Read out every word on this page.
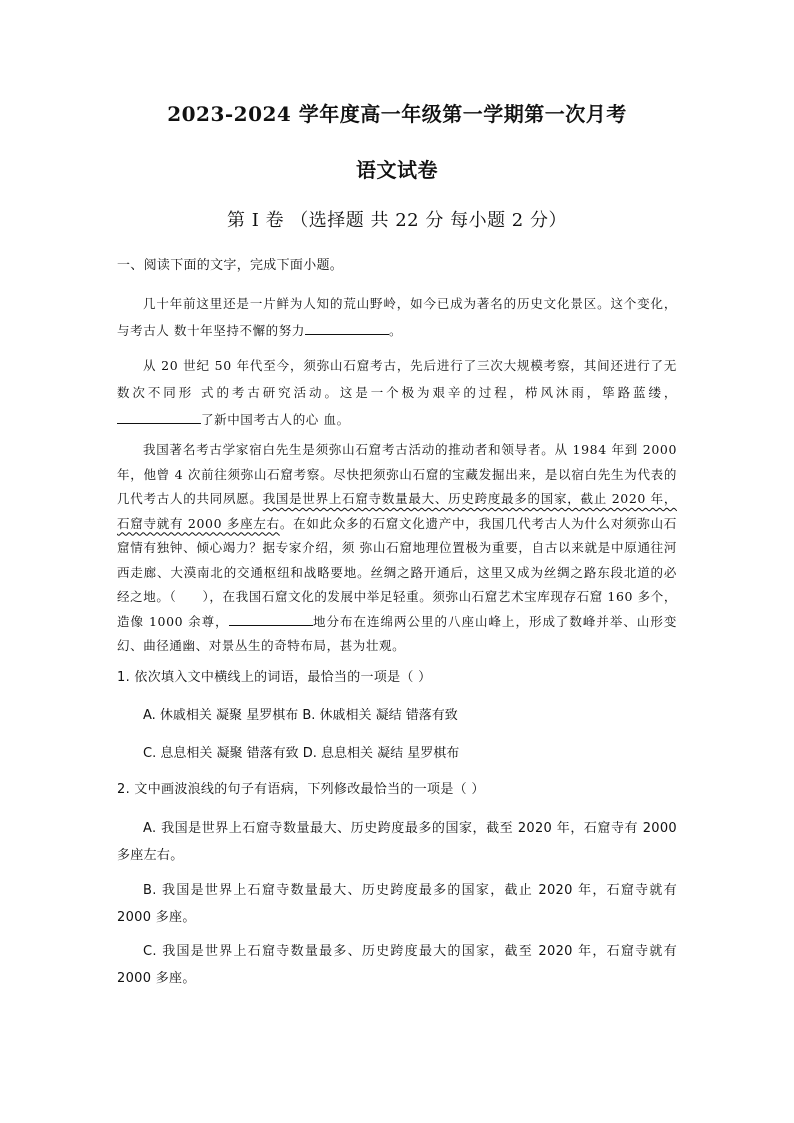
2023-2024 学年度高一年级第一学期第一次月考
语文试卷
第 I 卷 （选择题 共 22 分 每小题 2 分）
一、阅读下面的文字，完成下面小题。
几十年前这里还是一片鲜为人知的荒山野岭，如今已成为著名的历史文化景区。这个变化，与考古人 数十年坚持不懈的努力	。
从 20 世纪 50 年代至今，须弥山石窟考古，先后进行了三次大规模考察，其间还进行了无数次不同形 式的考古研究活动。这是一个极为艰辛的过程，栉风沐雨，筚路蓝缕，了新中国考古人的心 血。
我国著名考古学家宿白先生是须弥山石窟考古活动的推动者和领导者。从 1984 年到 2000 年，他曾 4 次前往须弥山石窟考察。尽快把须弥山石窟的宝藏发掘出来，是以宿白先生为代表的几代考古人的共同夙愿。我国是世界上石窟寺数量最大、历史跨度最多的国家，截止 2020 年，石窟寺就有 2000 多座左右。在如此众多的石窟文化遗产中，我国几代考古人为什么对须弥山石窟情有独钟、倾心竭力？据专家介绍，须 弥山石窟地理位置极为重要，自古以来就是中原通往河西走廊、大漠南北的交通枢纽和战略要地。丝绸之路开通后，这里又成为丝绸之路东段北道的必经之地。（　　），在我国石窟文化的发展中举足轻重。须弥山石窟艺术宝库现存石窟 160 多个，造像 1000 余尊，	地分布在连绵两公里的八座山峰上，形成了数峰并举、山形变幻、曲径通幽、对景丛生的奇特布局，甚为壮观。
1. 依次填入文中横线上的词语，最恰当的一项是（ ）
A. 休戚相关 凝聚 星罗棋布 B. 休戚相关 凝结 错落有致
C. 息息相关 凝聚 错落有致 D. 息息相关 凝结 星罗棋布
2. 文中画波浪线的句子有语病，下列修改最恰当的一项是（ ）
A. 我国是世界上石窟寺数量最大、历史跨度最多的国家，截至 2020 年，石窟寺有 2000 多座左右。
B. 我国是世界上石窟寺数量最大、历史跨度最多的国家，截止 2020 年，石窟寺就有 2000 多座。
C. 我国是世界上石窟寺数量最多、历史跨度最大的国家，截至 2020 年，石窟寺就有 2000 多座。
